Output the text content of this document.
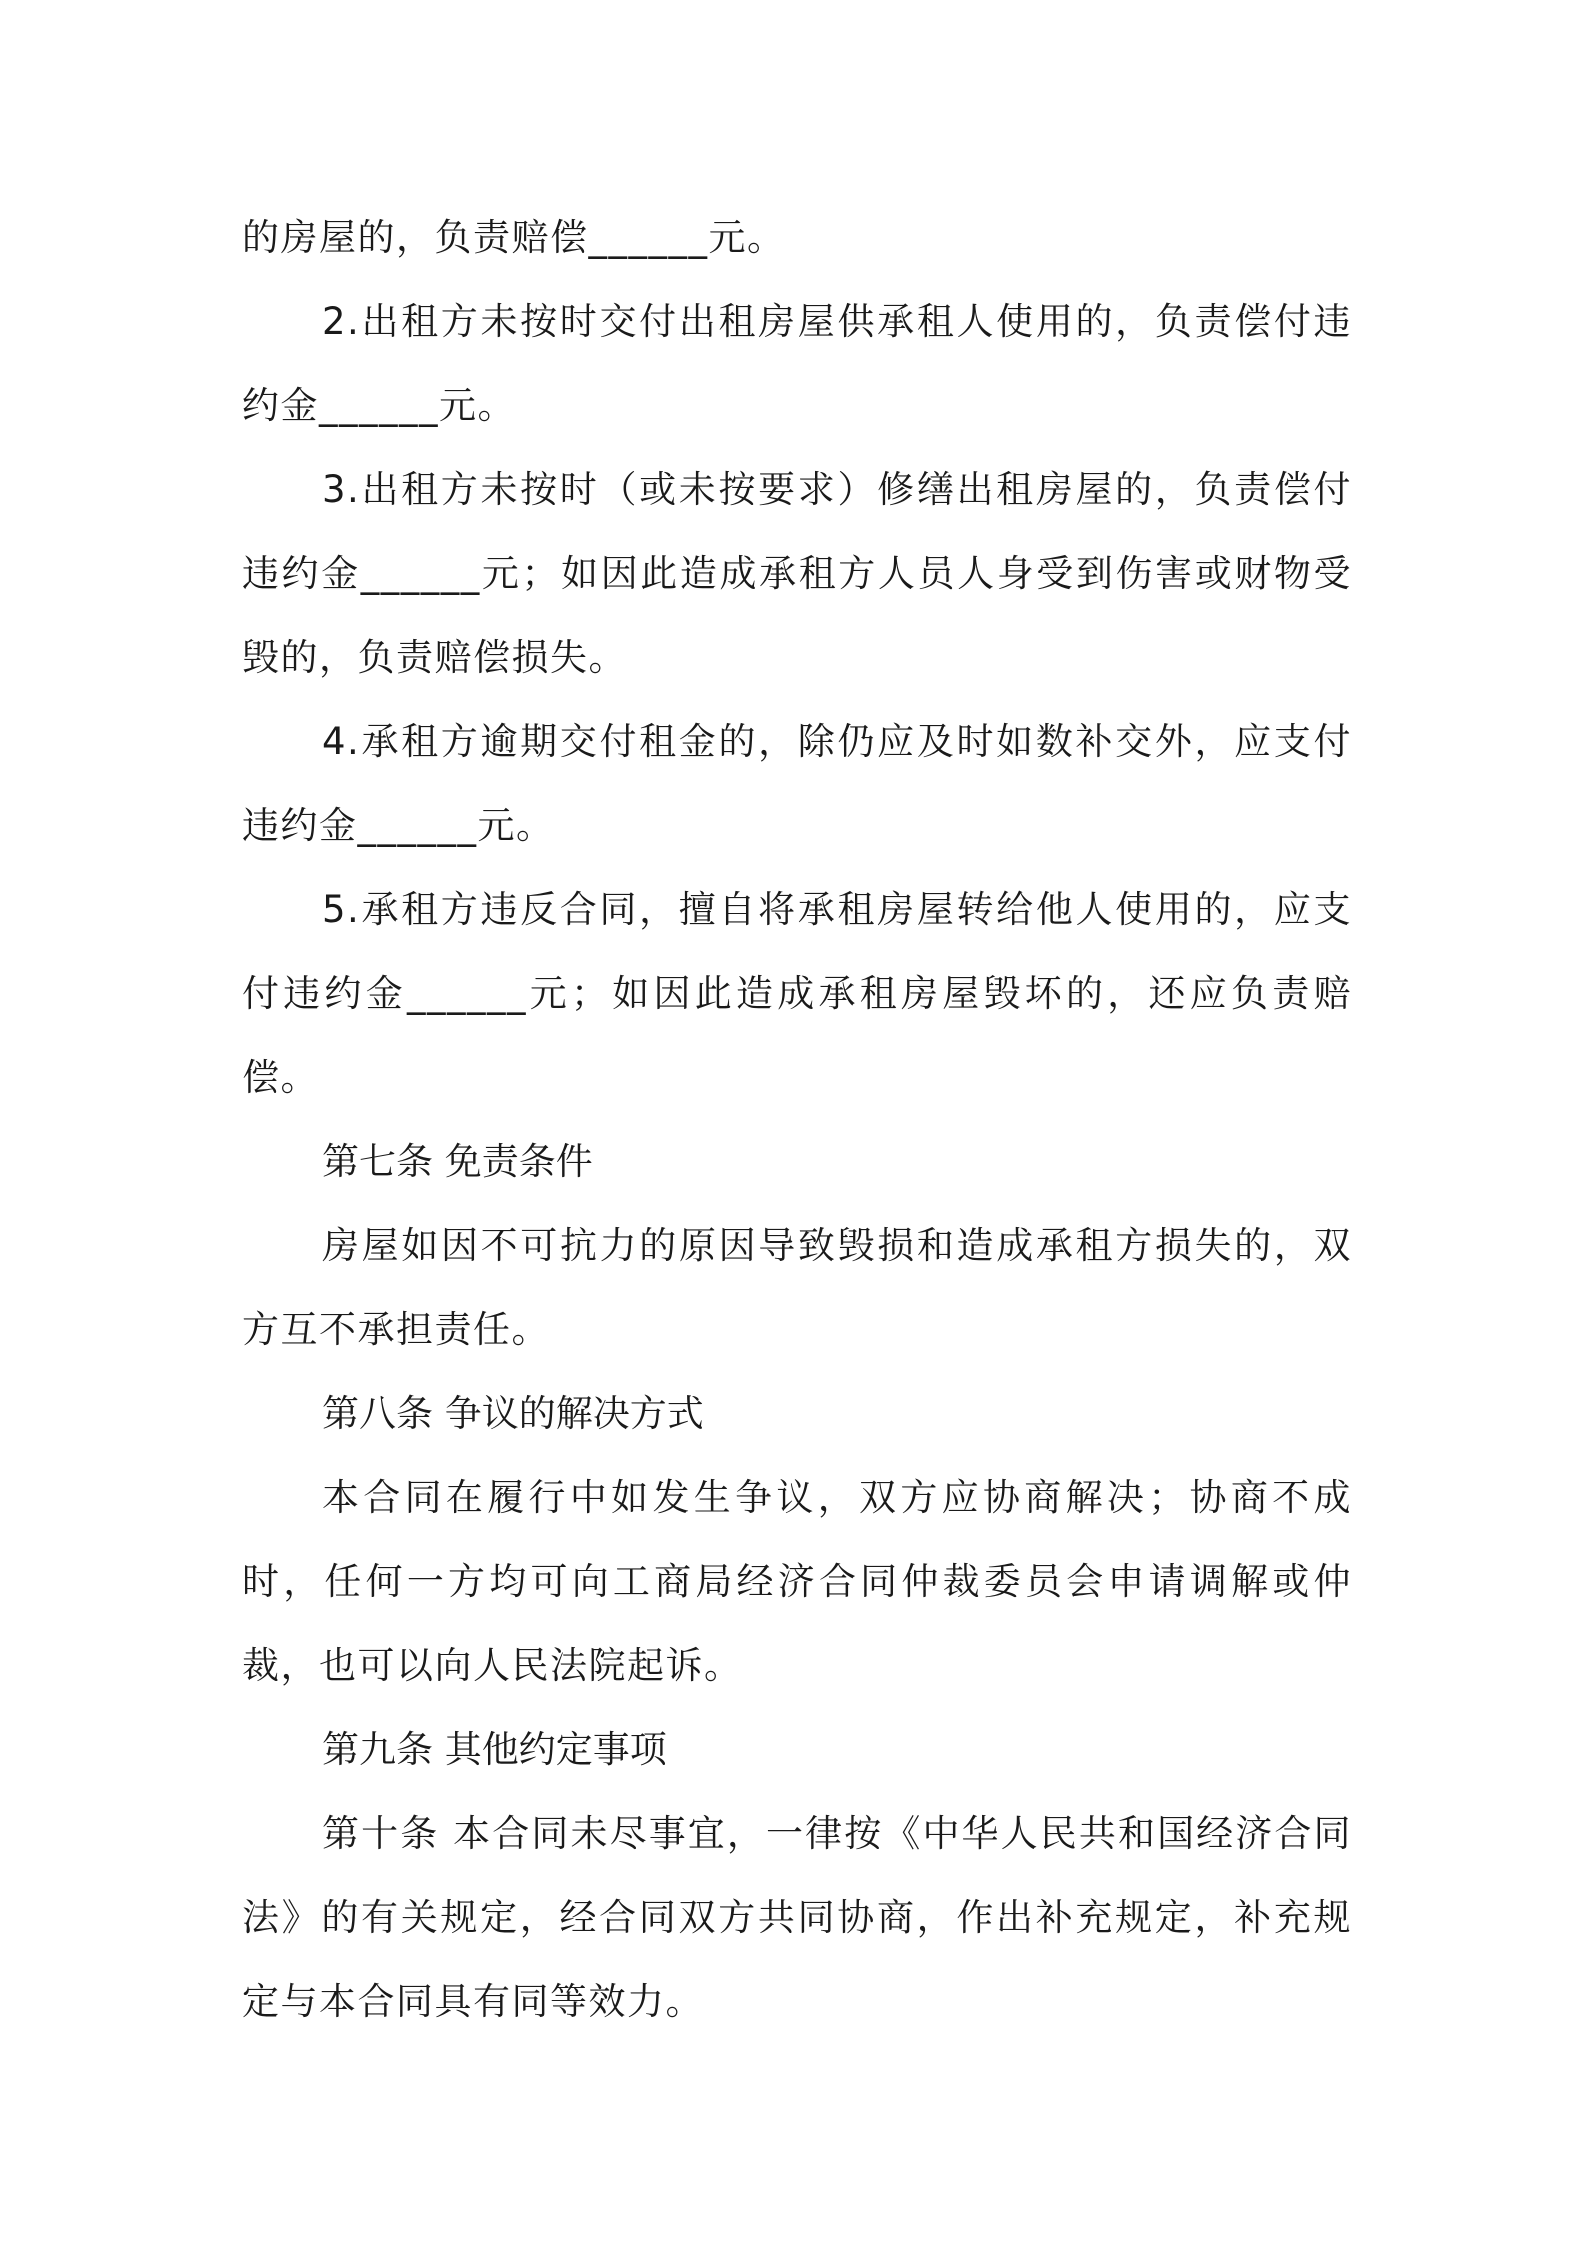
的房屋的，负责赔偿______元。

2.出租方未按时交付出租房屋供承租人使用的，负责偿付违约金______元。

3.出租方未按时（或未按要求）修缮出租房屋的，负责偿付违约金______元；如因此造成承租方人员人身受到伤害或财物受毁的，负责赔偿损失。

4.承租方逾期交付租金的，除仍应及时如数补交外，应支付违约金______元。

5.承租方违反合同，擅自将承租房屋转给他人使用的，应支付违约金______元；如因此造成承租房屋毁坏的，还应负责赔偿。

第七条 免责条件

房屋如因不可抗力的原因导致毁损和造成承租方损失的，双方互不承担责任。

第八条 争议的解决方式

本合同在履行中如发生争议，双方应协商解决；协商不成时，任何一方均可向工商局经济合同仲裁委员会申请调解或仲裁，也可以向人民法院起诉。

第九条 其他约定事项

第十条 本合同未尽事宜，一律按《中华人民共和国经济合同法》的有关规定，经合同双方共同协商，作出补充规定，补充规定与本合同具有同等效力。
